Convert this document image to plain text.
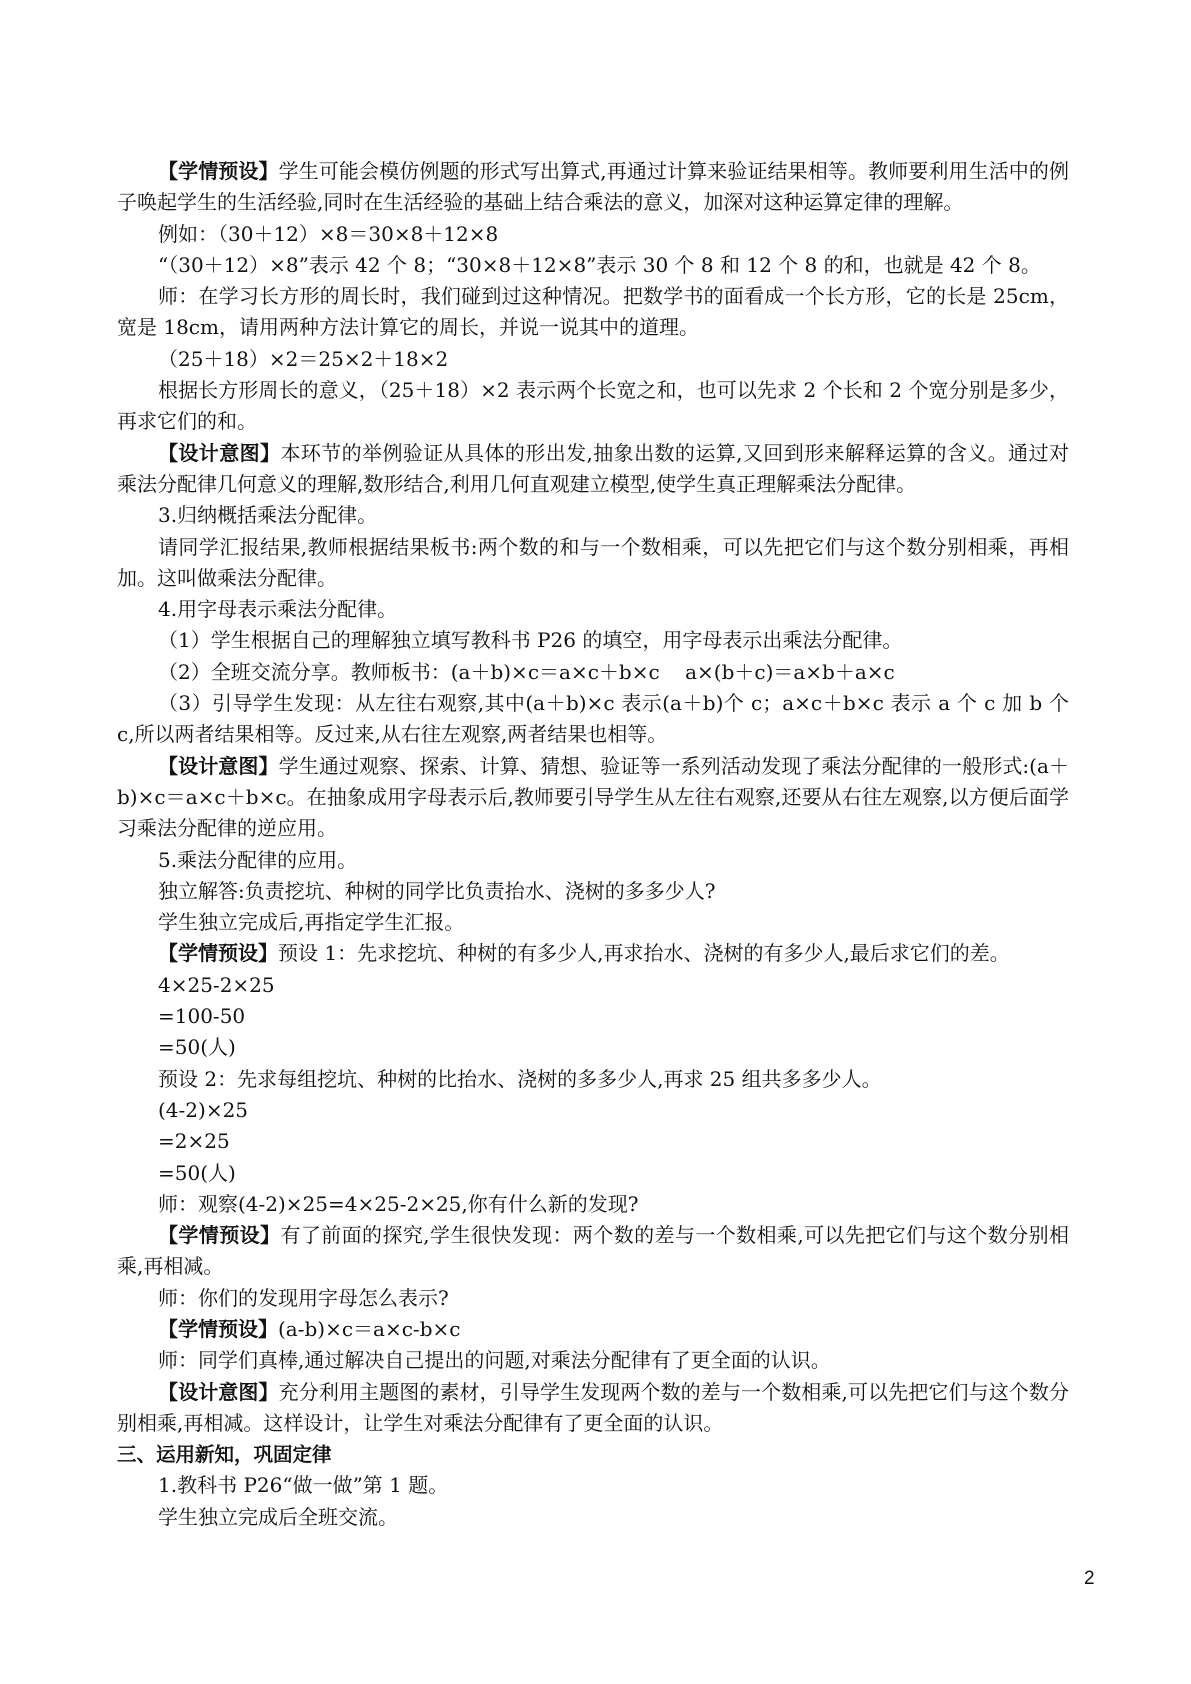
【学情预设】学生可能会模仿例题的形式写出算式,再通过计算来验证结果相等。教师要利用生活中的例子唤起学生的生活经验,同时在生活经验的基础上结合乘法的意义，加深对这种运算定律的理解。

例如：（30＋12）×8＝30×8＋12×8

“（30＋12）×8”表示 42 个 8；“30×8＋12×8”表示 30 个 8 和 12 个 8 的和，也就是 42 个 8。

师：在学习长方形的周长时，我们碰到过这种情况。把数学书的面看成一个长方形，它的长是 25cm，宽是 18cm，请用两种方法计算它的周长，并说一说其中的道理。

（25＋18）×2＝25×2＋18×2

根据长方形周长的意义，（25＋18）×2 表示两个长宽之和，也可以先求 2 个长和 2 个宽分别是多少，再求它们的和。

【设计意图】本环节的举例验证从具体的形出发,抽象出数的运算,又回到形来解释运算的含义。通过对乘法分配律几何意义的理解,数形结合,利用几何直观建立模型,使学生真正理解乘法分配律。

3.归纳概括乘法分配律。

请同学汇报结果,教师根据结果板书:两个数的和与一个数相乘，可以先把它们与这个数分别相乘，再相加。这叫做乘法分配律。

4.用字母表示乘法分配律。

（1）学生根据自己的理解独立填写教科书 P26 的填空，用字母表示出乘法分配律。

（2）全班交流分享。教师板书：(a＋b)×c＝a×c＋b×c    a×(b＋c)＝a×b＋a×c

（3）引导学生发现：从左往右观察,其中(a＋b)×c 表示(a＋b)个 c；a×c＋b×c 表示 a 个 c 加 b 个 c,所以两者结果相等。反过来,从右往左观察,两者结果也相等。

【设计意图】学生通过观察、探索、计算、猜想、验证等一系列活动发现了乘法分配律的一般形式:(a＋b)×c＝a×c＋b×c。在抽象成用字母表示后,教师要引导学生从左往右观察,还要从右往左观察,以方便后面学习乘法分配律的逆应用。

5.乘法分配律的应用。

独立解答:负责挖坑、种树的同学比负责抬水、浇树的多多少人?

学生独立完成后,再指定学生汇报。

【学情预设】预设 1：先求挖坑、种树的有多少人,再求抬水、浇树的有多少人,最后求它们的差。

4×25-2×25

=100-50

=50(人)

预设 2：先求每组挖坑、种树的比抬水、浇树的多多少人,再求 25 组共多多少人。

(4-2)×25

=2×25

=50(人)

师：观察(4-2)×25=4×25-2×25,你有什么新的发现?

【学情预设】有了前面的探究,学生很快发现：两个数的差与一个数相乘,可以先把它们与这个数分别相乘,再相减。

师：你们的发现用字母怎么表示?

【学情预设】(a-b)×c＝a×c-b×c

师：同学们真棒,通过解决自己提出的问题,对乘法分配律有了更全面的认识。

【设计意图】充分利用主题图的素材，引导学生发现两个数的差与一个数相乘,可以先把它们与这个数分别相乘,再相减。这样设计，让学生对乘法分配律有了更全面的认识。

三、运用新知，巩固定律

1.教科书 P26“做一做”第 1 题。

学生独立完成后全班交流。

2
